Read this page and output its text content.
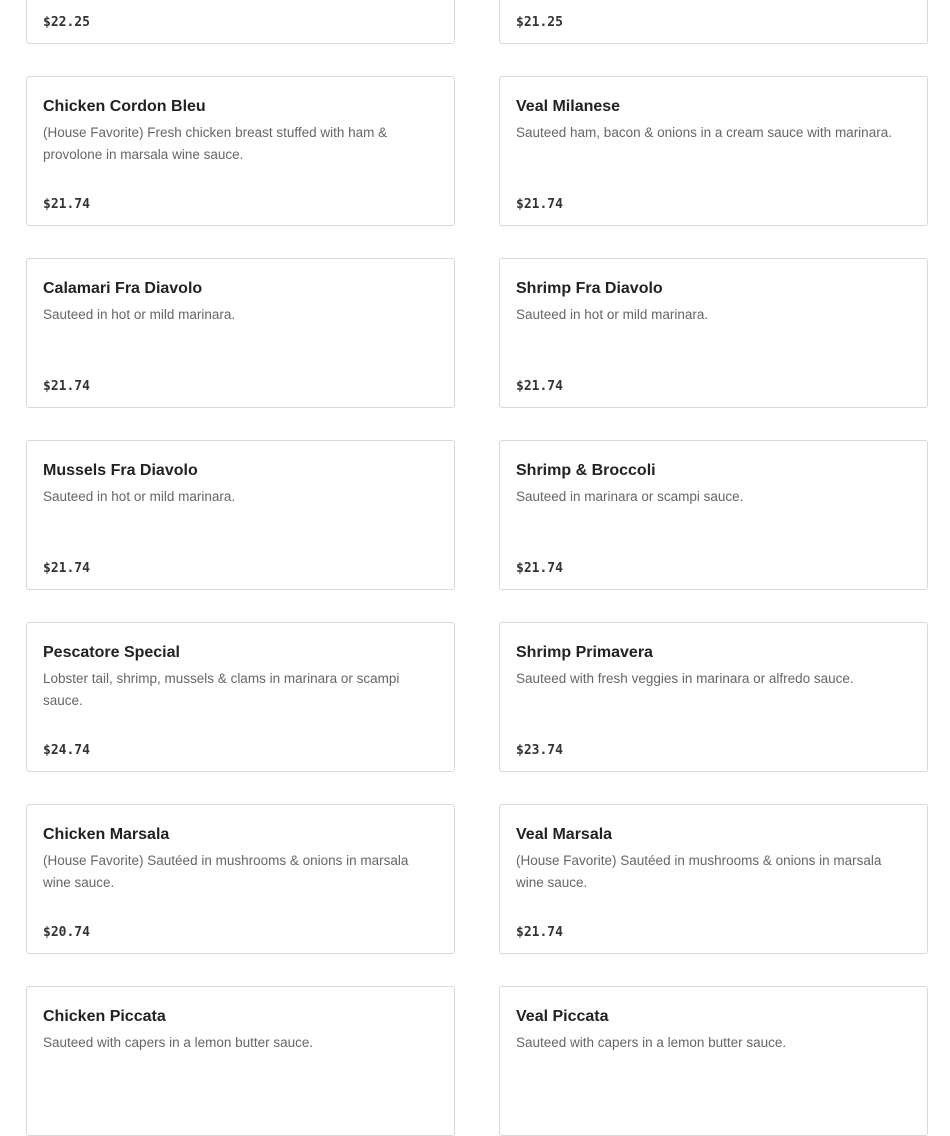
$22.25	$21.25
Chicken Cordon Bleu
(House Favorite) Fresh chicken breast stuffed with ham & provolone in marsala wine sauce.
$21.74
Veal Milanese
Sauteed ham, bacon & onions in a cream sauce with marinara.
$21.74
Calamari Fra Diavolo
Sauteed in hot or mild marinara.
$21.74
Shrimp Fra Diavolo
Sauteed in hot or mild marinara.
$21.74
Mussels Fra Diavolo
Sauteed in hot or mild marinara.
$21.74
Shrimp & Broccoli
Sauteed in marinara or scampi sauce.
$21.74
Pescatore Special
Lobster tail, shrimp, mussels & clams in marinara or scampi sauce.
$24.74
Shrimp Primavera
Sauteed with fresh veggies in marinara or alfredo sauce.
$23.74
Chicken Marsala
(House Favorite) Sautéed in mushrooms & onions in marsala wine sauce.
$20.74
Veal Marsala
(House Favorite) Sautéed in mushrooms & onions in marsala wine sauce.
$21.74
Chicken Piccata
Sauteed with capers in a lemon butter sauce.
Veal Piccata
Sauteed with capers in a lemon butter sauce.
